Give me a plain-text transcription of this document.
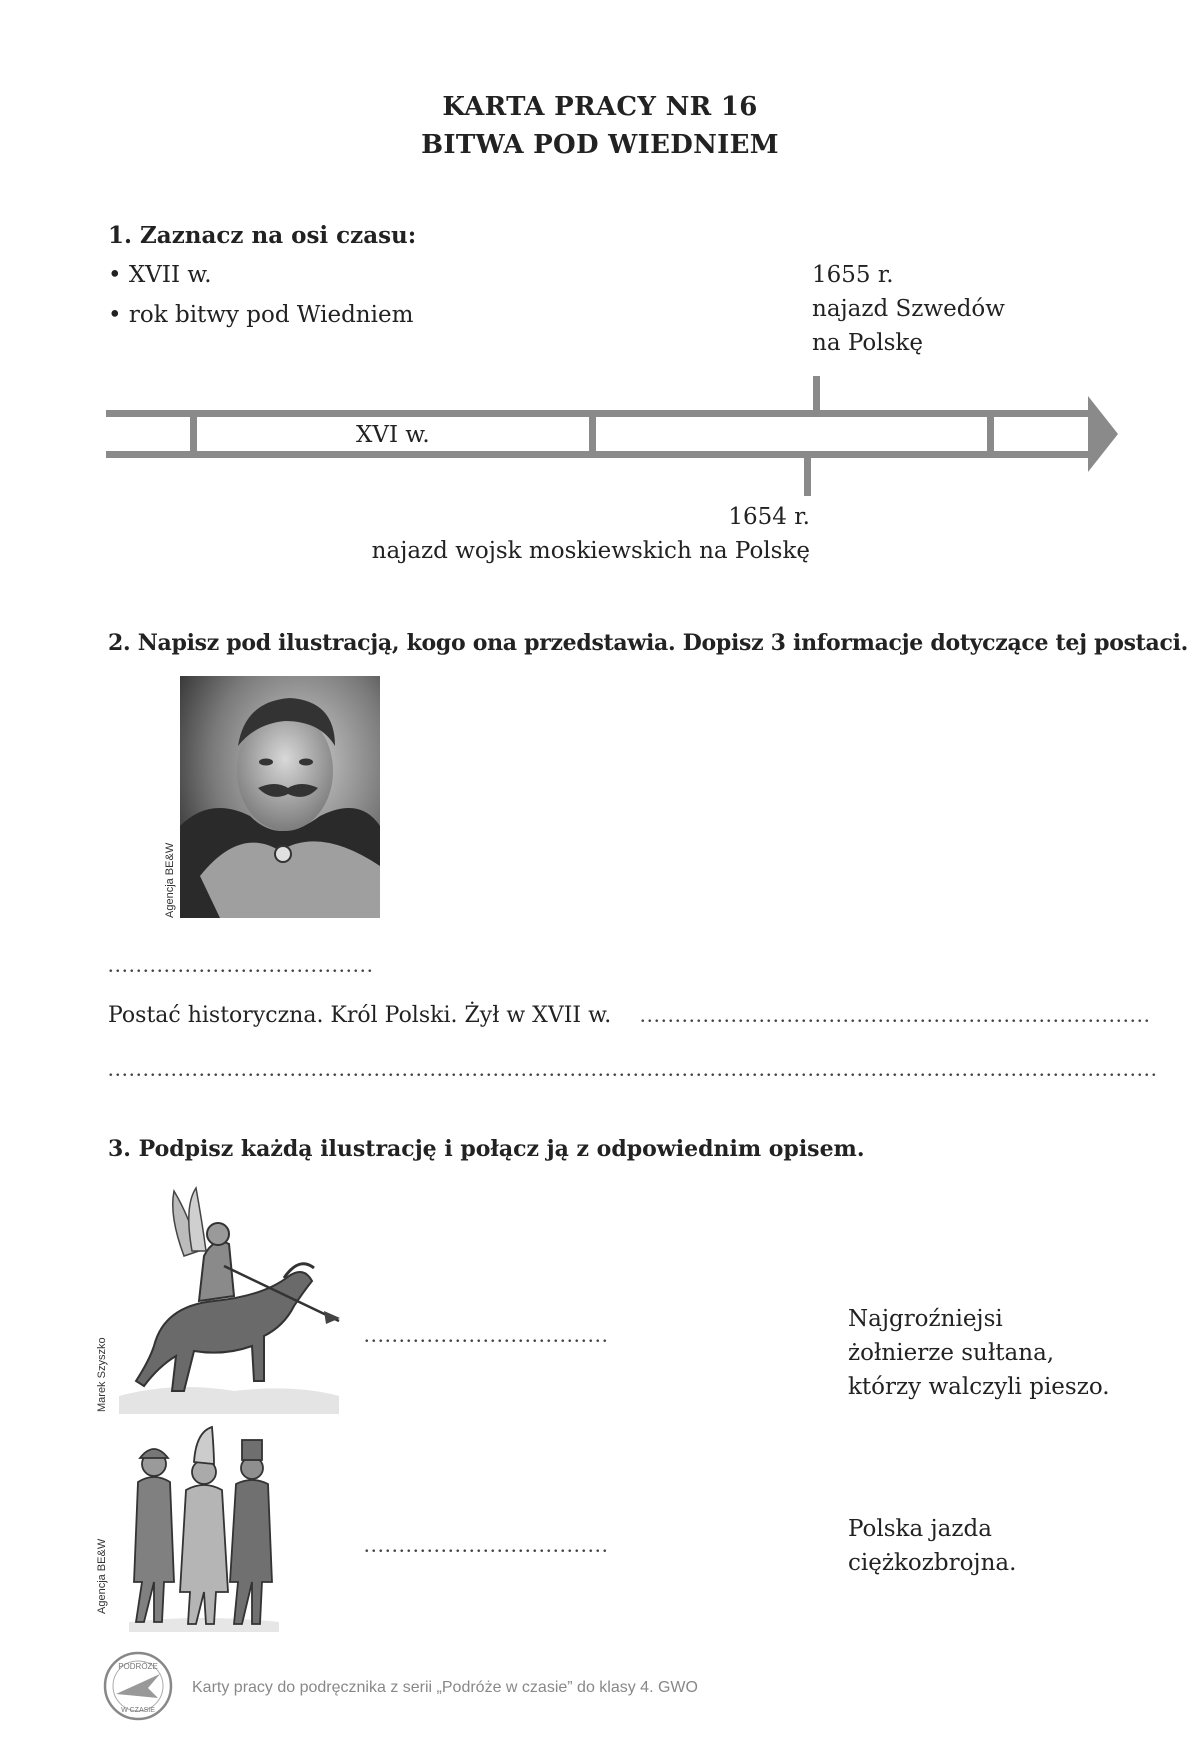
KARTA PRACY NR 16
BITWA POD WIEDNIEM
1. Zaznacz na osi czasu:
• XVII w.
• rok bitwy pod Wiedniem
1655 r.
najazd Szwedów
na Polskę
XVI w.
1654 r.
najazd wojsk moskiewskich na Polskę
2. Napisz pod ilustracją, kogo ona przedstawia. Dopisz 3 informacje dotyczące tej postaci.
Agencja BE&W
......................................
Postać historyczna. Król Polski. Żył w XVII w. .........................................................................
......................................................................................................................................................
3. Podpisz każdą ilustrację i połącz ją z odpowiednim opisem.
Marek Szyszko
...................................
Najgroźniejsi
żołnierze sułtana,
którzy walczyli pieszo.
Agencja BE&W	...................................
Polska jazda
ciężkozbrojna.
PODRÓŻE
W CZASIE
Karty pracy do podręcznika z serii „Podróże w czasie” do klasy 4. GWO
